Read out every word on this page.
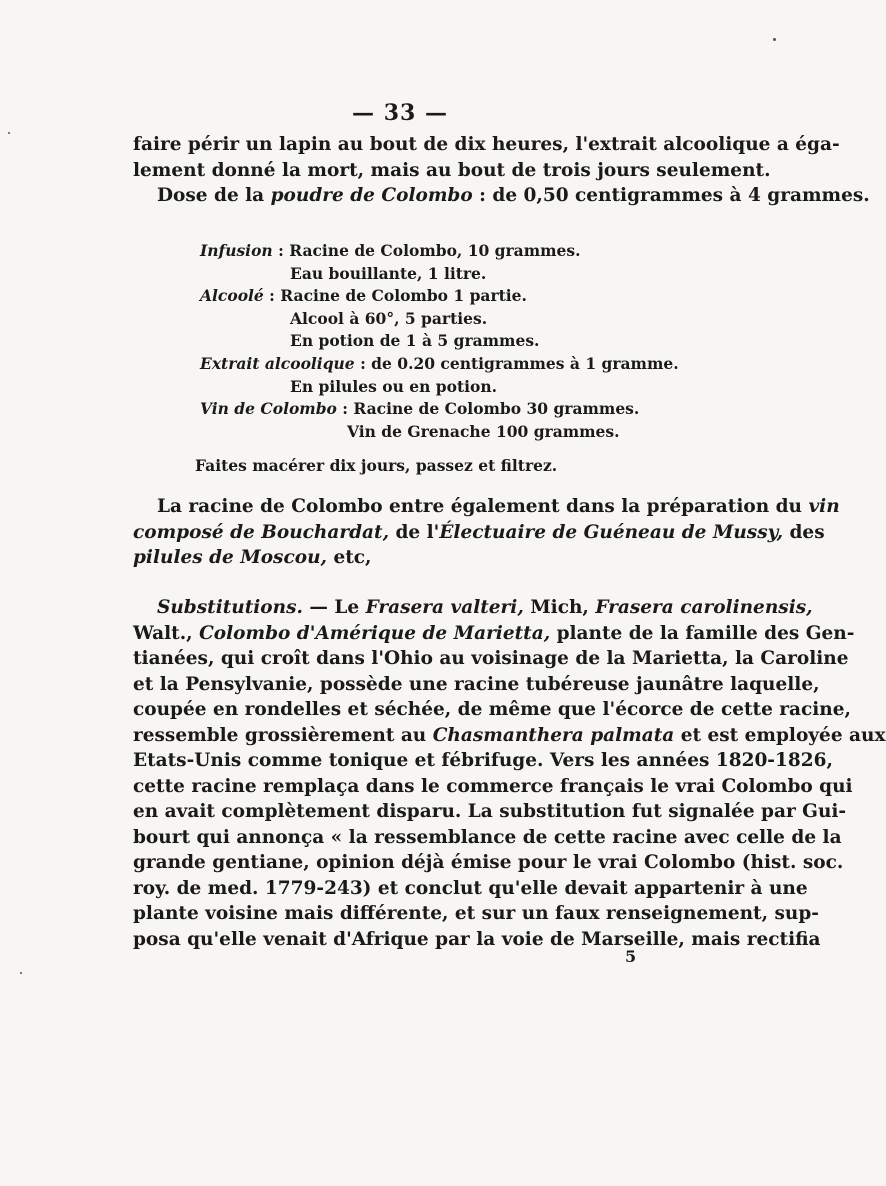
— 33 —
faire périr un lapin au bout de dix heures, l'extrait alcoolique a éga-
lement donné la mort, mais au bout de trois jours seulement.
Dose de la poudre de Colombo : de 0,50 centigrammes à 4 grammes.
Infusion : Racine de Colombo, 10 grammes.
Eau bouillante, 1 litre.
Alcoolé : Racine de Colombo 1 partie.
Alcool à 60°, 5 parties.
En potion de 1 à 5 grammes.
Extrait alcoolique : de 0.20 centigrammes à 1 gramme.
En pilules ou en potion.
Vin de Colombo : Racine de Colombo 30 grammes.
Vin de Grenache 100 grammes.
Faites macérer dix jours, passez et filtrez.
La racine de Colombo entre également dans la préparation du vin
composé de Bouchardat, de l'Électuaire de Guéneau de Mussy, des
pilules de Moscou, etc,
Substitutions. — Le Frasera valteri, Mich, Frasera carolinensis,
Walt., Colombo d'Amérique de Marietta, plante de la famille des Gen-
tianées, qui croît dans l'Ohio au voisinage de la Marietta, la Caroline
et la Pensylvanie, possède une racine tubéreuse jaunâtre laquelle,
coupée en rondelles et séchée, de même que l'écorce de cette racine,
ressemble grossièrement au Chasmanthera palmata et est employée aux
Etats-Unis comme tonique et fébrifuge. Vers les années 1820-1826,
cette racine remplaça dans le commerce français le vrai Colombo qui
en avait complètement disparu. La substitution fut signalée par Gui-
bourt qui annonça « la ressemblance de cette racine avec celle de la
grande gentiane, opinion déjà émise pour le vrai Colombo (hist. soc.
roy. de med. 1779-243) et conclut qu'elle devait appartenir à une
plante voisine mais différente, et sur un faux renseignement, sup-
posa qu'elle venait d'Afrique par la voie de Marseille, mais rectifia
5
